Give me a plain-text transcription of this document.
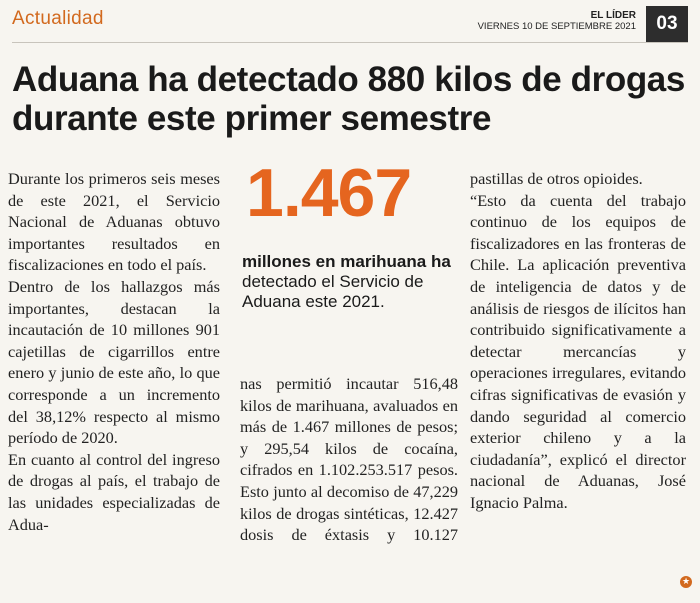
Actualidad	EL LÍDER
VIERNES 10 DE SEPTIEMBRE 2021	03
Aduana ha detectado 880 kilos de drogas durante este primer semestre

Durante los primeros seis meses de este 2021, el Servicio Nacional de Aduanas obtuvo importantes resultados en fiscalizaciones en todo el país.

Dentro de los hallazgos más importantes, destacan la incautación de 10 millones 901 cajetillas de cigarrillos entre enero y junio de este año, lo que corresponde a un incremento del 38,12% respecto al mismo período de 2020.

En cuanto al control del ingreso de drogas al país, el trabajo de las unidades especializadas de Adua-

1.467
millones en marihuana ha detectado el Servicio de Aduana este 2021.

nas permitió incautar 516,48 kilos de marihuana, avaluados en más de 1.467 millones de pesos; y 295,54 kilos de cocaína, cifrados en 1.102.253.517 pesos. Esto junto al decomiso de 47,229 kilos de drogas sintéticas, 12.427 dosis de éxtasis y 10.127

pastillas de otros opioides.

“Esto da cuenta del trabajo continuo de los equipos de fiscalizadores en las fronteras de Chile. La aplicación preventiva de inteligencia de datos y de análisis de riesgos de ilícitos han contribuido significativamente a detectar mercancías y operaciones irregulares, evitando cifras significativas de evasión y dando seguridad al comercio exterior chileno y a la ciudadanía”, explicó el director nacional de Aduanas, José Ignacio Palma.

★
